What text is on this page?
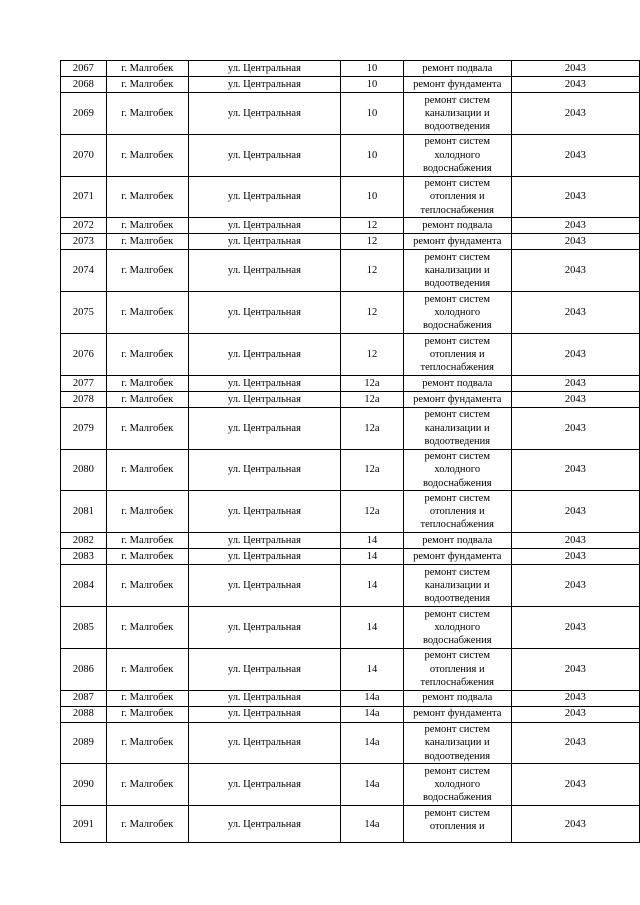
2067	г. Малгобек	ул. Центральная	10	ремонт подвала	2043
2068	г. Малгобек	ул. Центральная	10	ремонт фундамента	2043
2069	г. Малгобек	ул. Центральная	10	ремонт систем канализации и водоотведения	2043
2070	г. Малгобек	ул. Центральная	10	ремонт систем холодного водоснабжения	2043
2071	г. Малгобек	ул. Центральная	10	ремонт систем отопления и теплоснабжения	2043
2072	г. Малгобек	ул. Центральная	12	ремонт подвала	2043
2073	г. Малгобек	ул. Центральная	12	ремонт фундамента	2043
2074	г. Малгобек	ул. Центральная	12	ремонт систем канализации и водоотведения	2043
2075	г. Малгобек	ул. Центральная	12	ремонт систем холодного водоснабжения	2043
2076	г. Малгобек	ул. Центральная	12	ремонт систем отопления и теплоснабжения	2043
2077	г. Малгобек	ул. Центральная	12а	ремонт подвала	2043
2078	г. Малгобек	ул. Центральная	12а	ремонт фундамента	2043
2079	г. Малгобек	ул. Центральная	12а	ремонт систем канализации и водоотведения	2043
2080	г. Малгобек	ул. Центральная	12а	ремонт систем холодного водоснабжения	2043
2081	г. Малгобек	ул. Центральная	12а	ремонт систем отопления и теплоснабжения	2043
2082	г. Малгобек	ул. Центральная	14	ремонт подвала	2043
2083	г. Малгобек	ул. Центральная	14	ремонт фундамента	2043
2084	г. Малгобек	ул. Центральная	14	ремонт систем канализации и водоотведения	2043
2085	г. Малгобек	ул. Центральная	14	ремонт систем холодного водоснабжения	2043
2086	г. Малгобек	ул. Центральная	14	ремонт систем отопления и теплоснабжения	2043
2087	г. Малгобек	ул. Центральная	14а	ремонт подвала	2043
2088	г. Малгобек	ул. Центральная	14а	ремонт фундамента	2043
2089	г. Малгобек	ул. Центральная	14а	ремонт систем канализации и водоотведения	2043
2090	г. Малгобек	ул. Центральная	14а	ремонт систем холодного водоснабжения	2043
2091	г. Малгобек	ул. Центральная	14а	ремонт систем отопления и	2043
